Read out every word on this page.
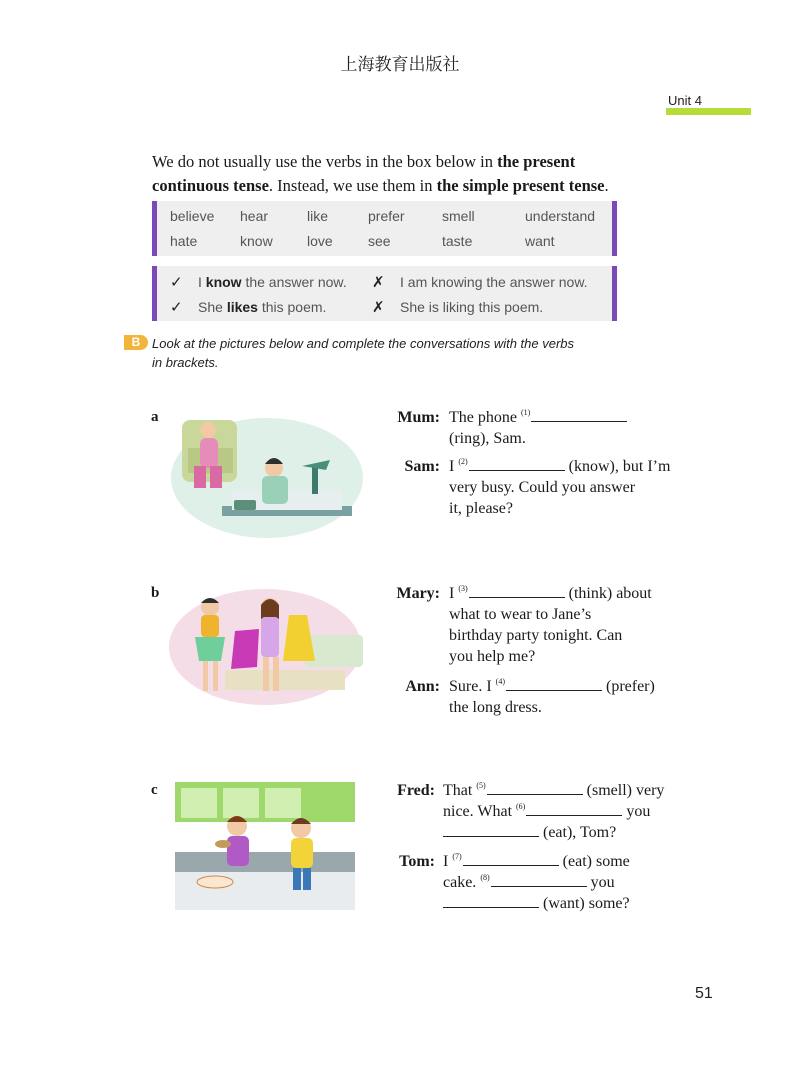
上海教育出版社
Unit 4
We do not usually use the verbs in the box below in the present continuous tense. Instead, we use them in the simple present tense.
believe hear	like	prefer	smell	understand
hate	know love	see	taste	want
✓ I know the answer now. ✗ I am knowing the answer now.
✓ She likes this poem.	✗ She is liking this poem.
B Look at the pictures below and complete the conversations with the verbs
in brackets.
a	Mum: The phone $^{(1)}$
(ring), Sam.
Sam: I $^{(2)}$	(know), but I’m
very busy. Could you answer
it, please?
b	Mary: I $^{(3)}$	(think) about
what to wear to Jane’s
birthday party tonight. Can
you help me?
Ann: Sure. I $^{(4)}$	(prefer)
the long dress.
c	Fred: That $^{(5)}$	(smell) very
nice. What $^{(6)}$	you
(eat), Tom?
Tom: I $^{(7)}$	(eat) some
cake. $^{(8)}$	you
(want) some?
51
